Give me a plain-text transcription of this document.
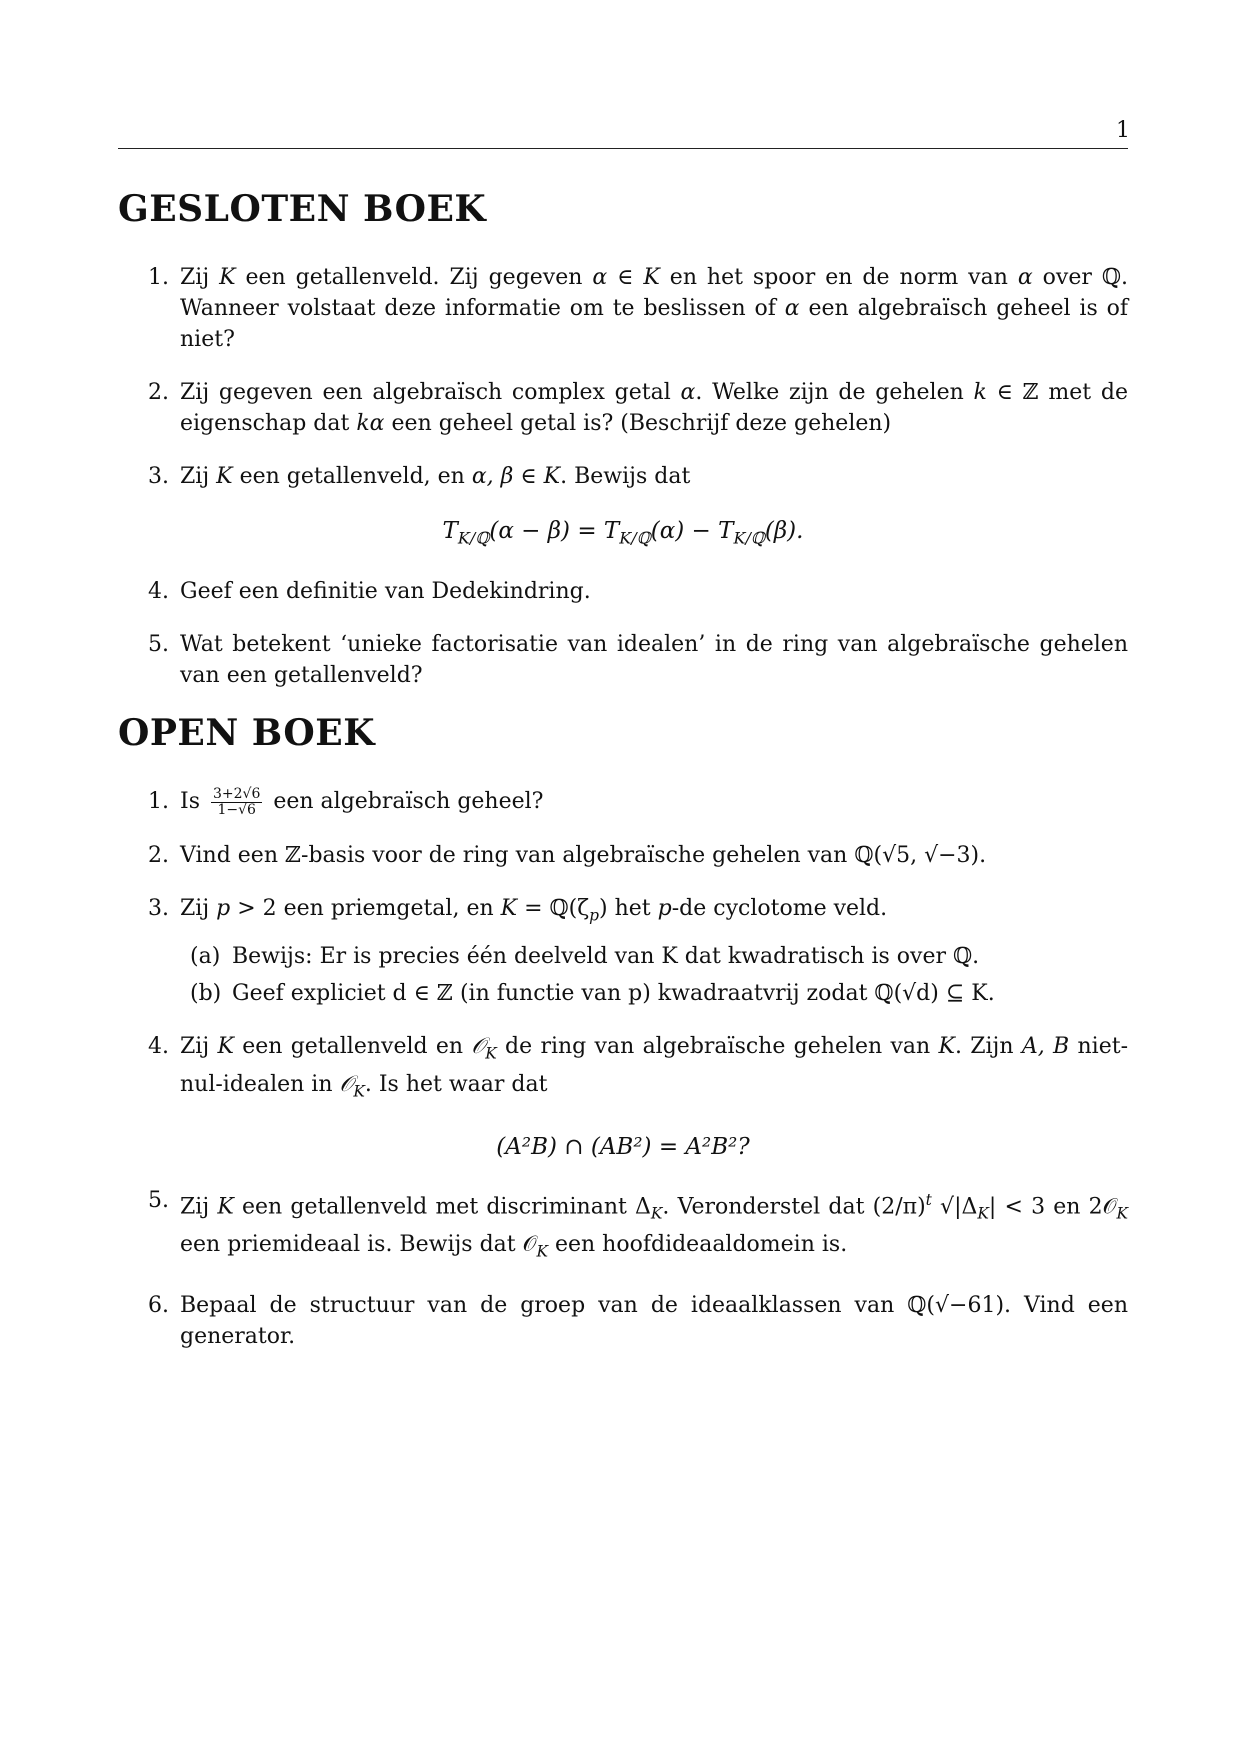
1
GESLOTEN BOEK
1. Zij K een getallenveld. Zij gegeven α ∈ K en het spoor en de norm van α over ℚ. Wanneer volstaat deze informatie om te beslissen of α een algebraïsch geheel is of niet?
2. Zij gegeven een algebraïsch complex getal α. Welke zijn de gehelen k ∈ ℤ met de eigenschap dat kα een geheel getal is? (Beschrijf deze gehelen)
3. Zij K een getallenveld, en α, β ∈ K. Bewijs dat
$T_{K/ℚ}(\alpha - \beta) = T_{K/ℚ}(\alpha) - T_{K/ℚ}(\beta)$.
4. Geef een definitie van Dedekindring.
5. Wat betekent ‘unieke factorisatie van idealen’ in de ring van algebraïsche gehelen van een getallenveld?
OPEN BOEK
1. Is $\frac{3+2√6}{1-√6}$ een algebraïsch geheel?
2. Vind een ℤ-basis voor de ring van algebraïsche gehelen van ℚ(√5, √−3).
3. Zij p > 2 een priemgetal, en $K = ℚ(\zeta_p)$ het p-de cyclotome veld.
(a) Bewijs: Er is precies één deelveld van K dat kwadratisch is over ℚ.
(b) Geef expliciet d ∈ ℤ (in functie van p) kwadraatvrij zodat ℚ(√d) ⊆ K.
4. Zij K een getallenveld en 𝒪$_K$ de ring van algebraïsche gehelen van K. Zijn A, B niet-nul-idealen in 𝒪$_K$. Is het waar dat
(A²B) ∩ (AB²) = A²B²?
5. Zij K een getallenveld met discriminant $\Delta_K$. Veronderstel dat $(2/\pi)^t$ $√|\Delta_K| < 3$ en 2𝒪$_K$ een priemideaal is. Bewijs dat 𝒪$_K$ een hoofdideaaldomein is.
6. Bepaal de structuur van de groep van de ideaalklassen van ℚ(√−61). Vind een generator.
